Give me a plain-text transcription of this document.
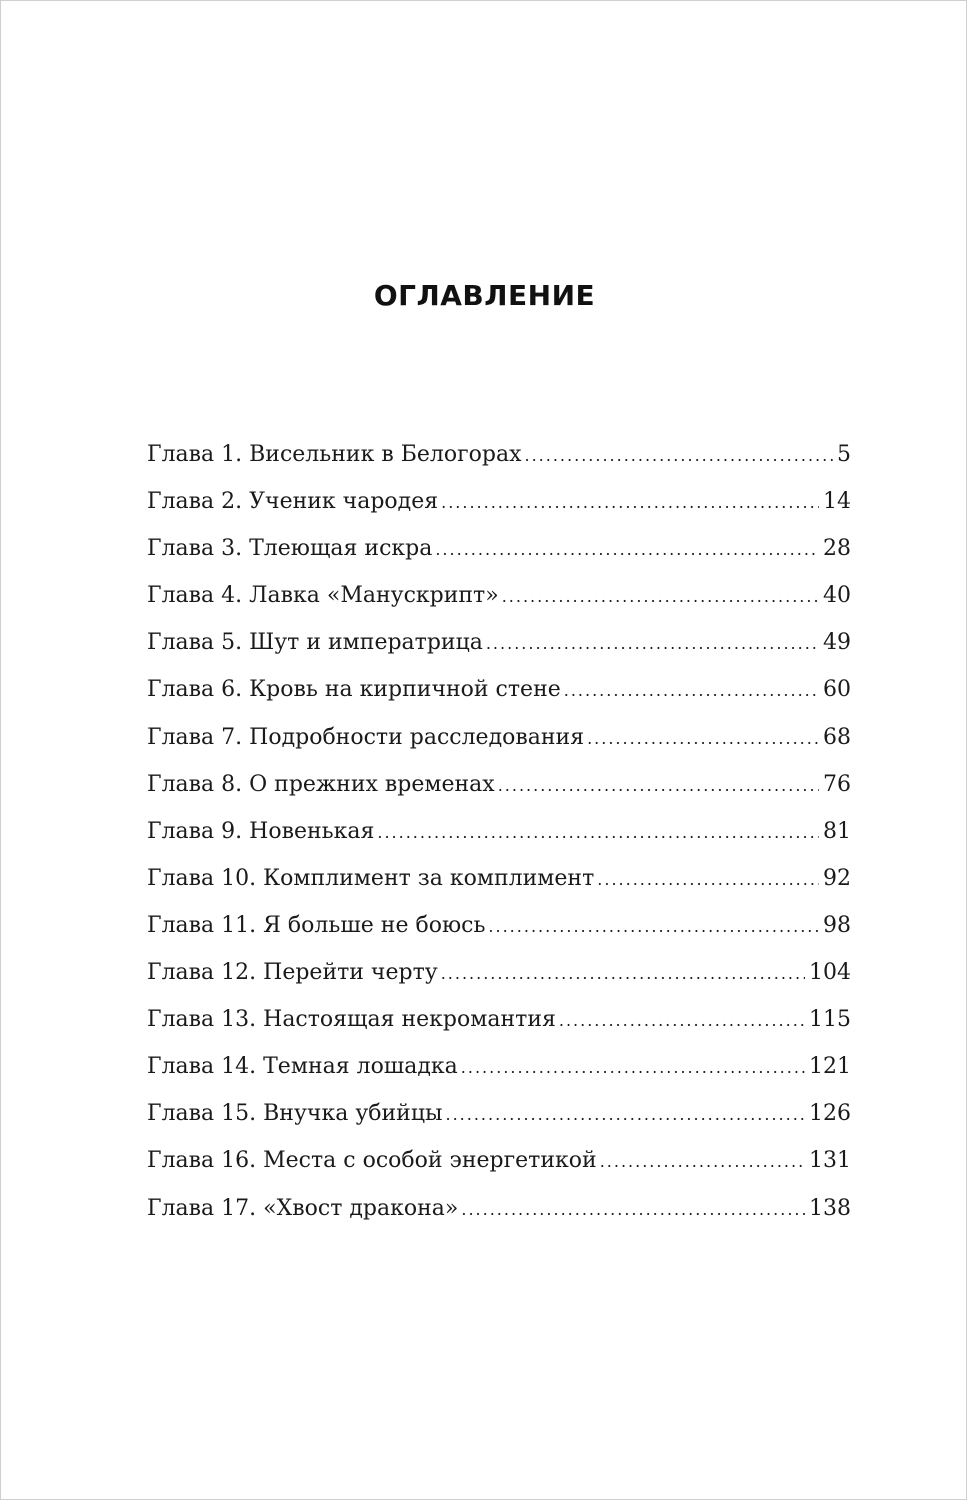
ОГЛАВЛЕНИЕ
Глава 1. Висельник в Белогорах .....	5
Глава 2. Ученик чародея .....	14
Глава 3. Тлеющая искра .....	28
Глава 4. Лавка «Манускрипт» .....	40
Глава 5. Шут и императрица .....	49
Глава 6. Кровь на кирпичной стене .....	60
Глава 7. Подробности расследования .....	68
Глава 8. О прежних временах .....	76
Глава 9. Новенькая .....	81
Глава 10. Комплимент за комплимент .....	92
Глава 11. Я больше не боюсь .....	98
Глава 12. Перейти черту .....	104
Глава 13. Настоящая некромантия .....	115
Глава 14. Темная лошадка .....	121
Глава 15. Внучка убийцы .....	126
Глава 16. Места с особой энергетикой .....	131
Глава 17. «Хвост дракона» .....	138
